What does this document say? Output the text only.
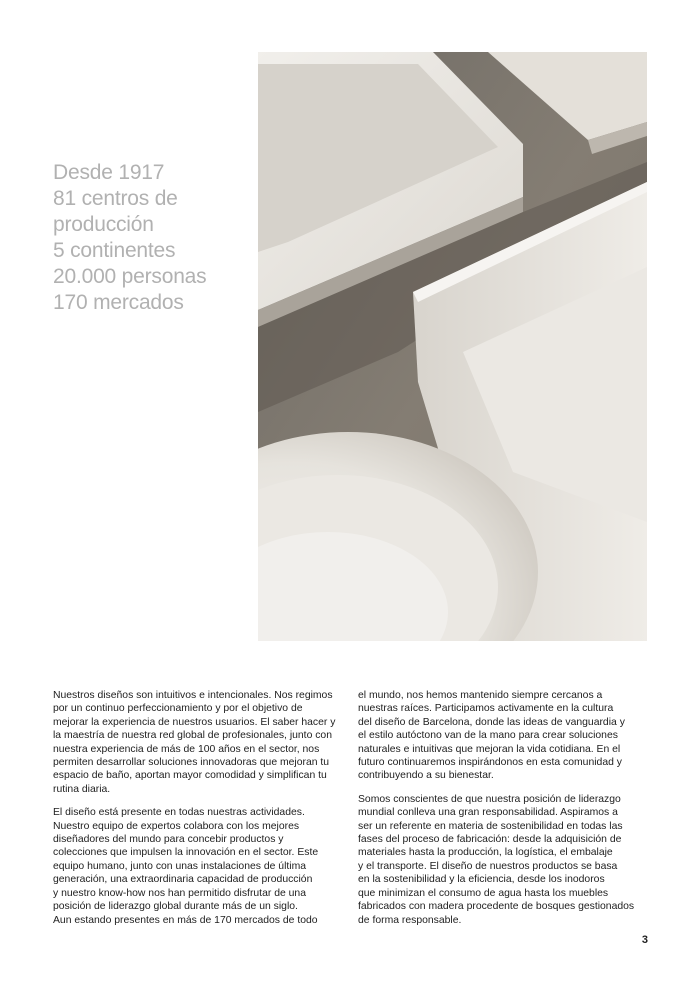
Desde 1917
81 centros de
producción
5 continentes
20.000 personas
170 mercados

Nuestros diseños son intuitivos e intencionales. Nos regimos
por un continuo perfeccionamiento y por el objetivo de
mejorar la experiencia de nuestros usuarios. El saber hacer y
la maestría de nuestra red global de profesionales, junto con
nuestra experiencia de más de 100 años en el sector, nos
permiten desarrollar soluciones innovadoras que mejoran tu
espacio de baño, aportan mayor comodidad y simplifican tu
rutina diaria.

El diseño está presente en todas nuestras actividades.
Nuestro equipo de expertos colabora con los mejores
diseñadores del mundo para concebir productos y
colecciones que impulsen la innovación en el sector. Este
equipo humano, junto con unas instalaciones de última
generación, una extraordinaria capacidad de producción
y nuestro know-how nos han permitido disfrutar de una
posición de liderazgo global durante más de un siglo.
Aun estando presentes en más de 170 mercados de todo

el mundo, nos hemos mantenido siempre cercanos a
nuestras raíces. Participamos activamente en la cultura
del diseño de Barcelona, donde las ideas de vanguardia y
el estilo autóctono van de la mano para crear soluciones
naturales e intuitivas que mejoran la vida cotidiana. En el
futuro continuaremos inspirándonos en esta comunidad y
contribuyendo a su bienestar.

Somos conscientes de que nuestra posición de liderazgo
mundial conlleva una gran responsabilidad. Aspiramos a
ser un referente en materia de sostenibilidad en todas las
fases del proceso de fabricación: desde la adquisición de
materiales hasta la producción, la logística, el embalaje
y el transporte. El diseño de nuestros productos se basa
en la sostenibilidad y la eficiencia, desde los inodoros
que minimizan el consumo de agua hasta los muebles
fabricados con madera procedente de bosques gestionados
de forma responsable.

3
